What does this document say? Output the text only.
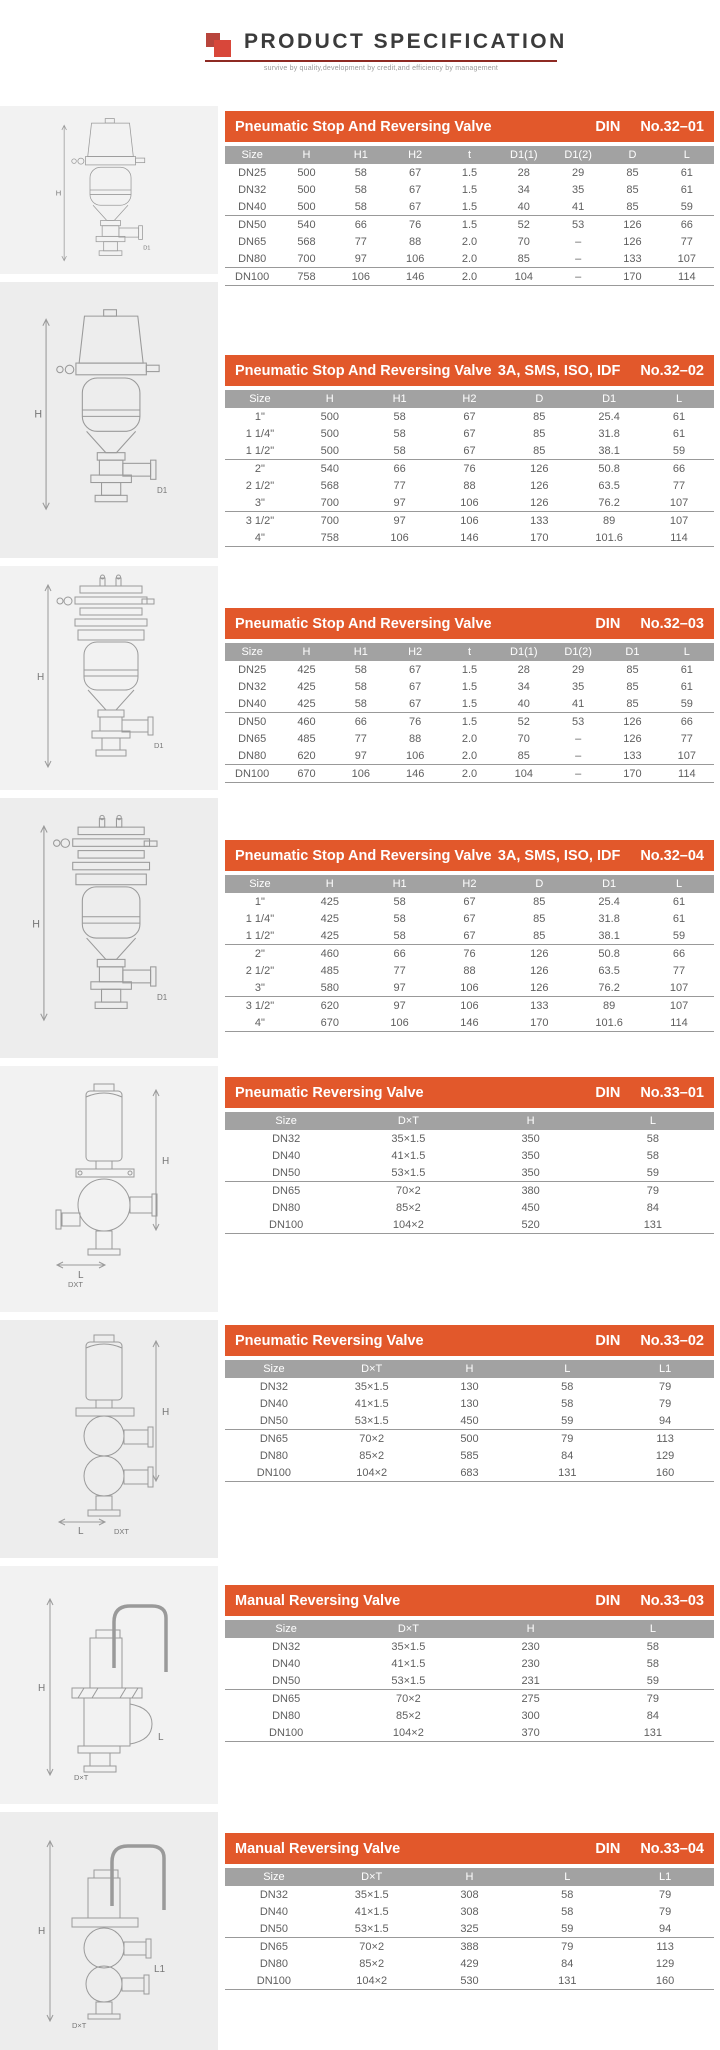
PRODUCT SPECIFICATION
survive by quality,development by credit,and efficiency by management
H
D1
H
D1
H
D1
H
D1
H
L
DXT
H
L	DXT
H
D×T
L
H
D×T
L1
Pneumatic Stop And Reversing Valve	DIN No.32–01
Size	H	H1	H2	t	D1(1)	D1(2)	D	L
DN25	500	58	67	1.5	28	29	85	61
DN32	500	58	67	1.5	34	35	85	61
DN40	500	58	67	1.5	40	41	85	59
DN50	540	66	76	1.5	52	53	126	66
DN65	568	77	88	2.0	70	–	126	77
DN80	700	97	106	2.0	85	–	133	107
DN100	758	106	146	2.0	104	–	170	114
Pneumatic Stop And Reversing Valve 3A, SMS, ISO, IDF No.32–02
Size	H	H1	H2	D	D1	L
1"	500	58	67	85	25.4	61
1 1/4"	500	58	67	85	31.8	61
1 1/2"	500	58	67	85	38.1	59
2"	540	66	76	126	50.8	66
2 1/2"	568	77	88	126	63.5	77
3"	700	97	106	126	76.2	107
3 1/2"	700	97	106	133	89	107
4"	758	106	146	170	101.6	114
Pneumatic Stop And Reversing Valve	DIN No.32–03
Size	H	H1	H2	t	D1(1)	D1(2)	D1	L
DN25	425	58	67	1.5	28	29	85	61
DN32	425	58	67	1.5	34	35	85	61
DN40	425	58	67	1.5	40	41	85	59
DN50	460	66	76	1.5	52	53	126	66
DN65	485	77	88	2.0	70	–	126	77
DN80	620	97	106	2.0	85	–	133	107
DN100	670	106	146	2.0	104	–	170	114
Pneumatic Stop And Reversing Valve 3A, SMS, ISO, IDF No.32–04
Size	H	H1	H2	D	D1	L
1"	425	58	67	85	25.4	61
1 1/4"	425	58	67	85	31.8	61
1 1/2"	425	58	67	85	38.1	59
2"	460	66	76	126	50.8	66
2 1/2"	485	77	88	126	63.5	77
3"	580	97	106	126	76.2	107
3 1/2"	620	97	106	133	89	107
4"	670	106	146	170	101.6	114
Pneumatic Reversing Valve	DIN No.33–01
Size	D×T	H	L
DN32	35×1.5	350	58
DN40	41×1.5	350	58
DN50	53×1.5	350	59
DN65	70×2	380	79
DN80	85×2	450	84
DN100	104×2	520	131
Pneumatic Reversing Valve	DIN No.33–02
Size	D×T	H	L	L1
DN32	35×1.5	130	58	79
DN40	41×1.5	130	58	79
DN50	53×1.5	450	59	94
DN65	70×2	500	79	113
DN80	85×2	585	84	129
DN100	104×2	683	131	160
Manual Reversing Valve	DIN No.33–03
Size	D×T	H	L
DN32	35×1.5	230	58
DN40	41×1.5	230	58
DN50	53×1.5	231	59
DN65	70×2	275	79
DN80	85×2	300	84
DN100	104×2	370	131
Manual Reversing Valve	DIN No.33–04
Size	D×T	H	L	L1
DN32	35×1.5	308	58	79
DN40	41×1.5	308	58	79
DN50	53×1.5	325	59	94
DN65	70×2	388	79	113
DN80	85×2	429	84	129
DN100	104×2	530	131	160
